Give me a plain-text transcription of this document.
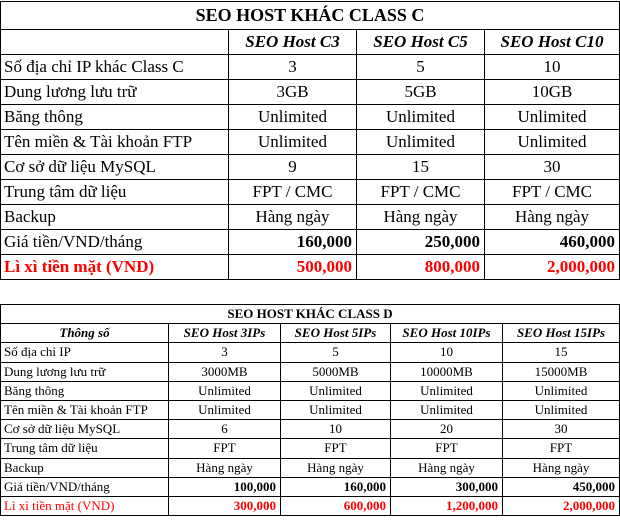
SEO HOST KHÁC CLASS C			
	SEO Host C3	SEO Host C5	SEO Host C10
Số địa chỉ IP khác Class C	3	5	10
Dung lương lưu trữ	3GB	5GB	10GB
Băng thông	Unlimited	Unlimited	Unlimited
Tên miền & Tài khoản FTP	Unlimited	Unlimited	Unlimited
Cơ sở dữ liệu MySQL	9	15	30
Trung tâm dữ liệu	FPT / CMC	FPT / CMC	FPT / CMC
Backup	Hàng ngày	Hàng ngày	Hàng ngày
Giá tiền/VND/tháng	160,000	250,000	460,000
Lì xì tiền mặt (VND)	500,000	800,000	2,000,000
SEO HOST KHÁC CLASS D				
Thông số	SEO Host 3IPs	SEO Host 5IPs	SEO Host 10IPs	SEO Host 15IPs
Số địa chỉ IP	3	5	10	15
Dung lương lưu trữ	3000MB	5000MB	10000MB	15000MB
Băng thông	Unlimited	Unlimited	Unlimited	Unlimited
Tên miền & Tài khoản FTP	Unlimited	Unlimited	Unlimited	Unlimited
Cơ sở dữ liệu MySQL	6	10	20	30
Trung tâm dữ liệu	FPT	FPT	FPT	FPT
Backup	Hàng ngày	Hàng ngày	Hàng ngày	Hàng ngày
Giá tiền/VND/tháng	100,000	160,000	300,000	450,000
Lì xì tiền mặt (VND)	300,000	600,000	1,200,000	2,000,000
